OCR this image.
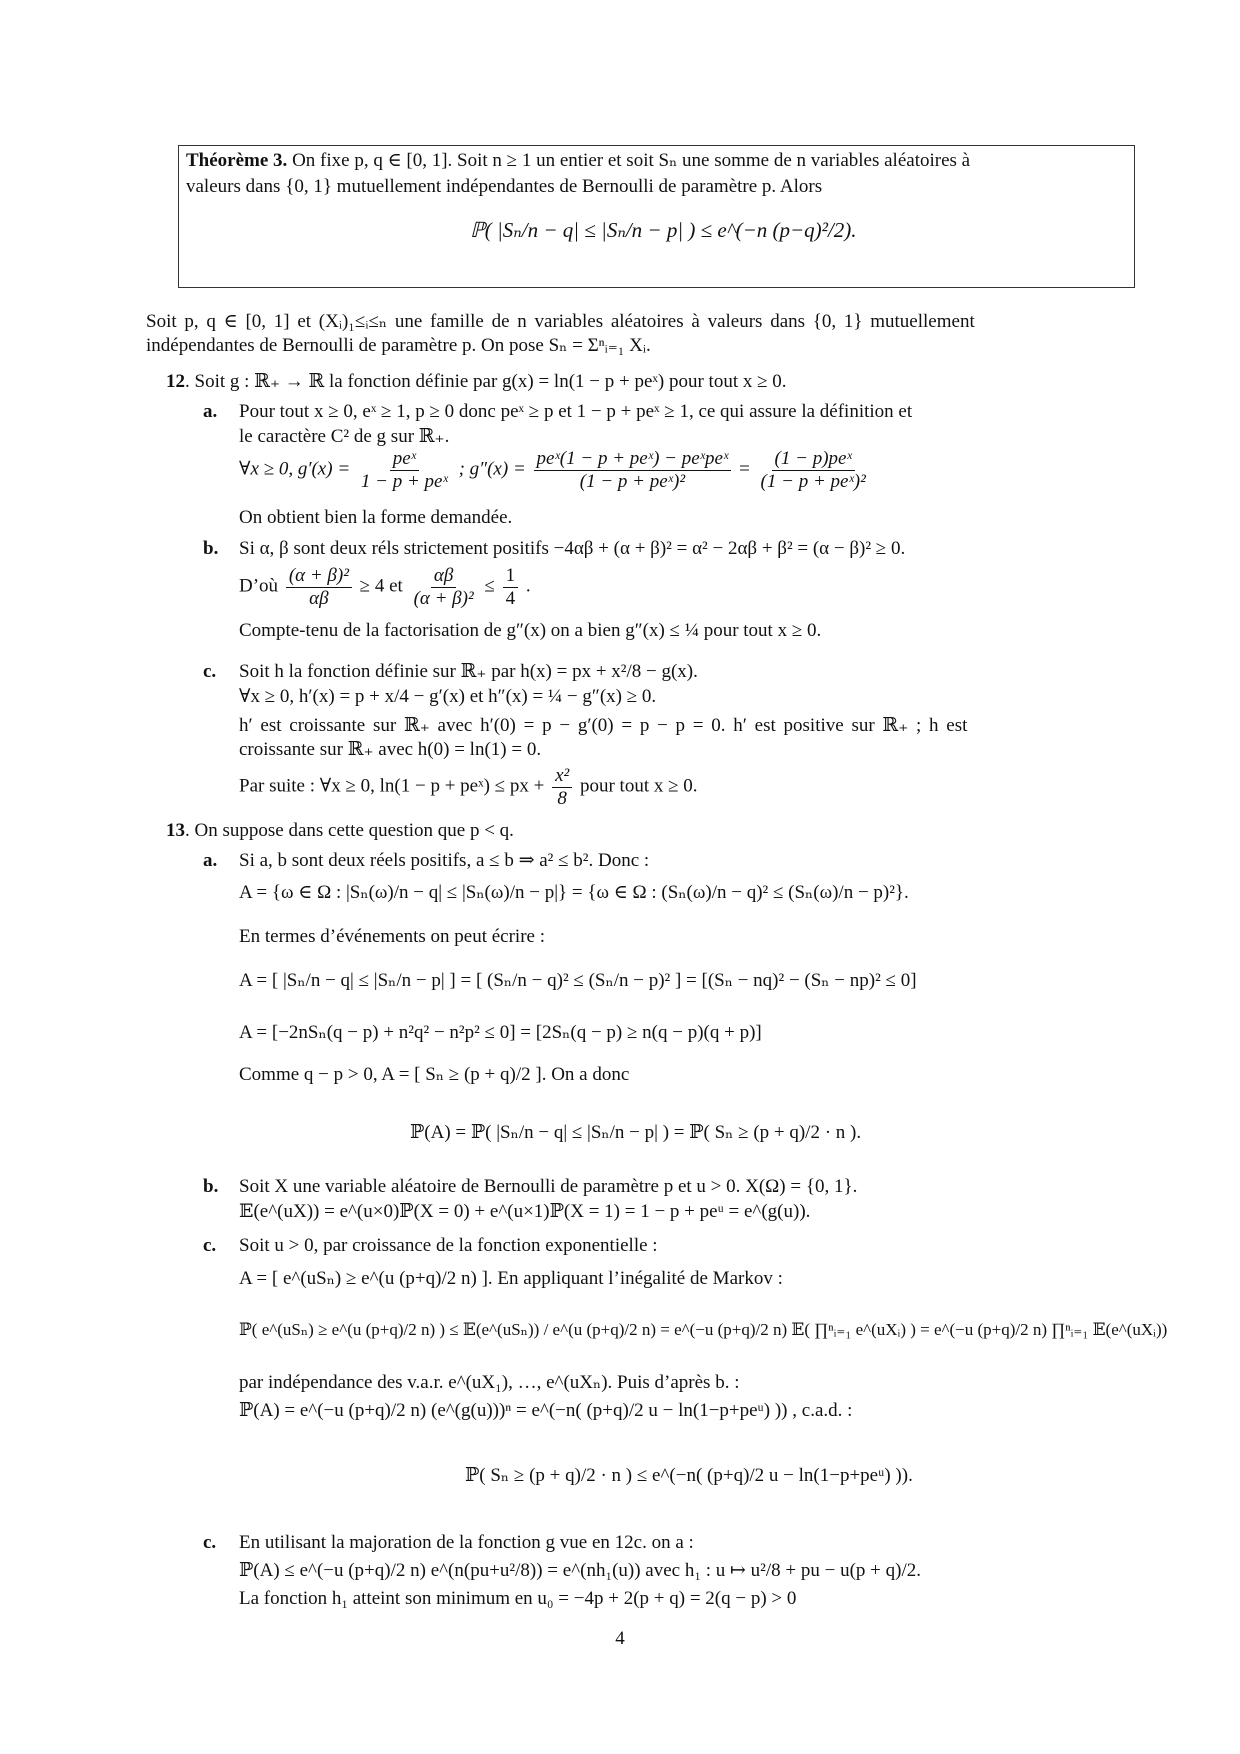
Théorème 3. On fixe p, q ∈ [0, 1]. Soit n ≥ 1 un entier et soit Sₙ une somme de n variables aléatoires à
valeurs dans {0, 1} mutuellement indépendantes de Bernoulli de paramètre p. Alors
ℙ( |Sₙ/n − q| ≤ |Sₙ/n − p| ) ≤ e^(−n (p−q)²/2).
Soit p, q ∈ [0, 1] et (Xᵢ)₁≤ᵢ≤ₙ une famille de n variables aléatoires à valeurs dans {0, 1} mutuellement
indépendantes de Bernoulli de paramètre p. On pose Sₙ = Σⁿᵢ₌₁ Xᵢ.
12. Soit g : ℝ₊ → ℝ la fonction définie par g(x) = ln(1 − p + peˣ) pour tout x ≥ 0.
a. Pour tout x ≥ 0, eˣ ≥ 1, p ≥ 0 donc peˣ ≥ p et 1 − p + peˣ ≥ 1, ce qui assure la définition et
le caractère C² de g sur ℝ₊.
∀x ≥ 0, $g'(x) = \frac{\text{peˣ}}{\text{1 − p + peˣ}}$ ; $g''(x) = \frac{\text{peˣ(1 − p + peˣ) − peˣpeˣ}}{\text{(1 − p + peˣ)²}} = \frac{\text{(1 − p)peˣ}}{\text{(1 − p + peˣ)²}}$
On obtient bien la forme demandée.
b. Si α, β sont deux réls strictement positifs −4αβ + (α + β)² = α² − 2αβ + β² = (α − β)² ≥ 0.
D’où $\frac{\text{(α + β)²}}{\alpha\beta} \ge 4$ et $\frac{\alpha\beta}{\text{(α + β)²}} \le \frac{1}{4}$ .
Compte-tenu de la factorisation de g″(x) on a bien g″(x) ≤ ¼ pour tout x ≥ 0.
c. Soit h la fonction définie sur ℝ₊ par h(x) = px + x²/8 − g(x).
∀x ≥ 0, h′(x) = p + x/4 − g′(x) et h″(x) = ¼ − g″(x) ≥ 0.
h′ est croissante sur ℝ₊ avec h′(0) = p − g′(0) = p − p = 0. h′ est positive sur ℝ₊ ; h est
croissante sur ℝ₊ avec h(0) = ln(1) = 0.
Par suite : ∀x ≥ 0, ln(1 − p + peˣ) ≤ px + $\frac{\text{x²}}{8}$ pour tout x ≥ 0.
13. On suppose dans cette question que p < q.
a. Si a, b sont deux réels positifs, a ≤ b ⇒ a² ≤ b². Donc :
A = {ω ∈ Ω : |Sₙ(ω)/n − q| ≤ |Sₙ(ω)/n − p|} = {ω ∈ Ω : (Sₙ(ω)/n − q)² ≤ (Sₙ(ω)/n − p)²}.
En termes d’événements on peut écrire :
A = [ |Sₙ/n − q| ≤ |Sₙ/n − p| ] = [ (Sₙ/n − q)² ≤ (Sₙ/n − p)² ] = [(Sₙ − nq)² − (Sₙ − np)² ≤ 0]
A = [−2nSₙ(q − p) + n²q² − n²p² ≤ 0] = [2Sₙ(q − p) ≥ n(q − p)(q + p)]
Comme q − p > 0, A = [ Sₙ ≥ (p + q)/2 ]. On a donc
ℙ(A) = ℙ( |Sₙ/n − q| ≤ |Sₙ/n − p| ) = ℙ( Sₙ ≥ (p + q)/2 · n ).
b. Soit X une variable aléatoire de Bernoulli de paramètre p et u > 0. X(Ω) = {0, 1}.
𝔼(e^(uX)) = e^(u×0)ℙ(X = 0) + e^(u×1)ℙ(X = 1) = 1 − p + peᵘ = e^(g(u)).
c. Soit u > 0, par croissance de la fonction exponentielle :
A = [ e^(uSₙ) ≥ e^(u (p+q)/2 n) ]. En appliquant l’inégalité de Markov :
ℙ( e^(uSₙ) ≥ e^(u (p+q)/2 n) ) ≤ 𝔼(e^(uSₙ)) / e^(u (p+q)/2 n) = e^(−u (p+q)/2 n) 𝔼( ∏ⁿᵢ₌₁ e^(uXᵢ) ) = e^(−u (p+q)/2 n) ∏ⁿᵢ₌₁ 𝔼(e^(uXᵢ))
par indépendance des v.a.r. e^(uX₁), …, e^(uXₙ). Puis d’après b. :
ℙ(A) = e^(−u (p+q)/2 n) (e^(g(u)))ⁿ = e^(−n( (p+q)/2 u − ln(1−p+peᵘ) )) , c.a.d. :
ℙ( Sₙ ≥ (p + q)/2 · n ) ≤ e^(−n( (p+q)/2 u − ln(1−p+peᵘ) )).
c. En utilisant la majoration de la fonction g vue en 12c. on a :
ℙ(A) ≤ e^(−u (p+q)/2 n) e^(n(pu+u²/8)) = e^(nh₁(u)) avec h₁ : u ↦ u²/8 + pu − u(p + q)/2.
La fonction h₁ atteint son minimum en u₀ = −4p + 2(p + q) = 2(q − p) > 0
4
